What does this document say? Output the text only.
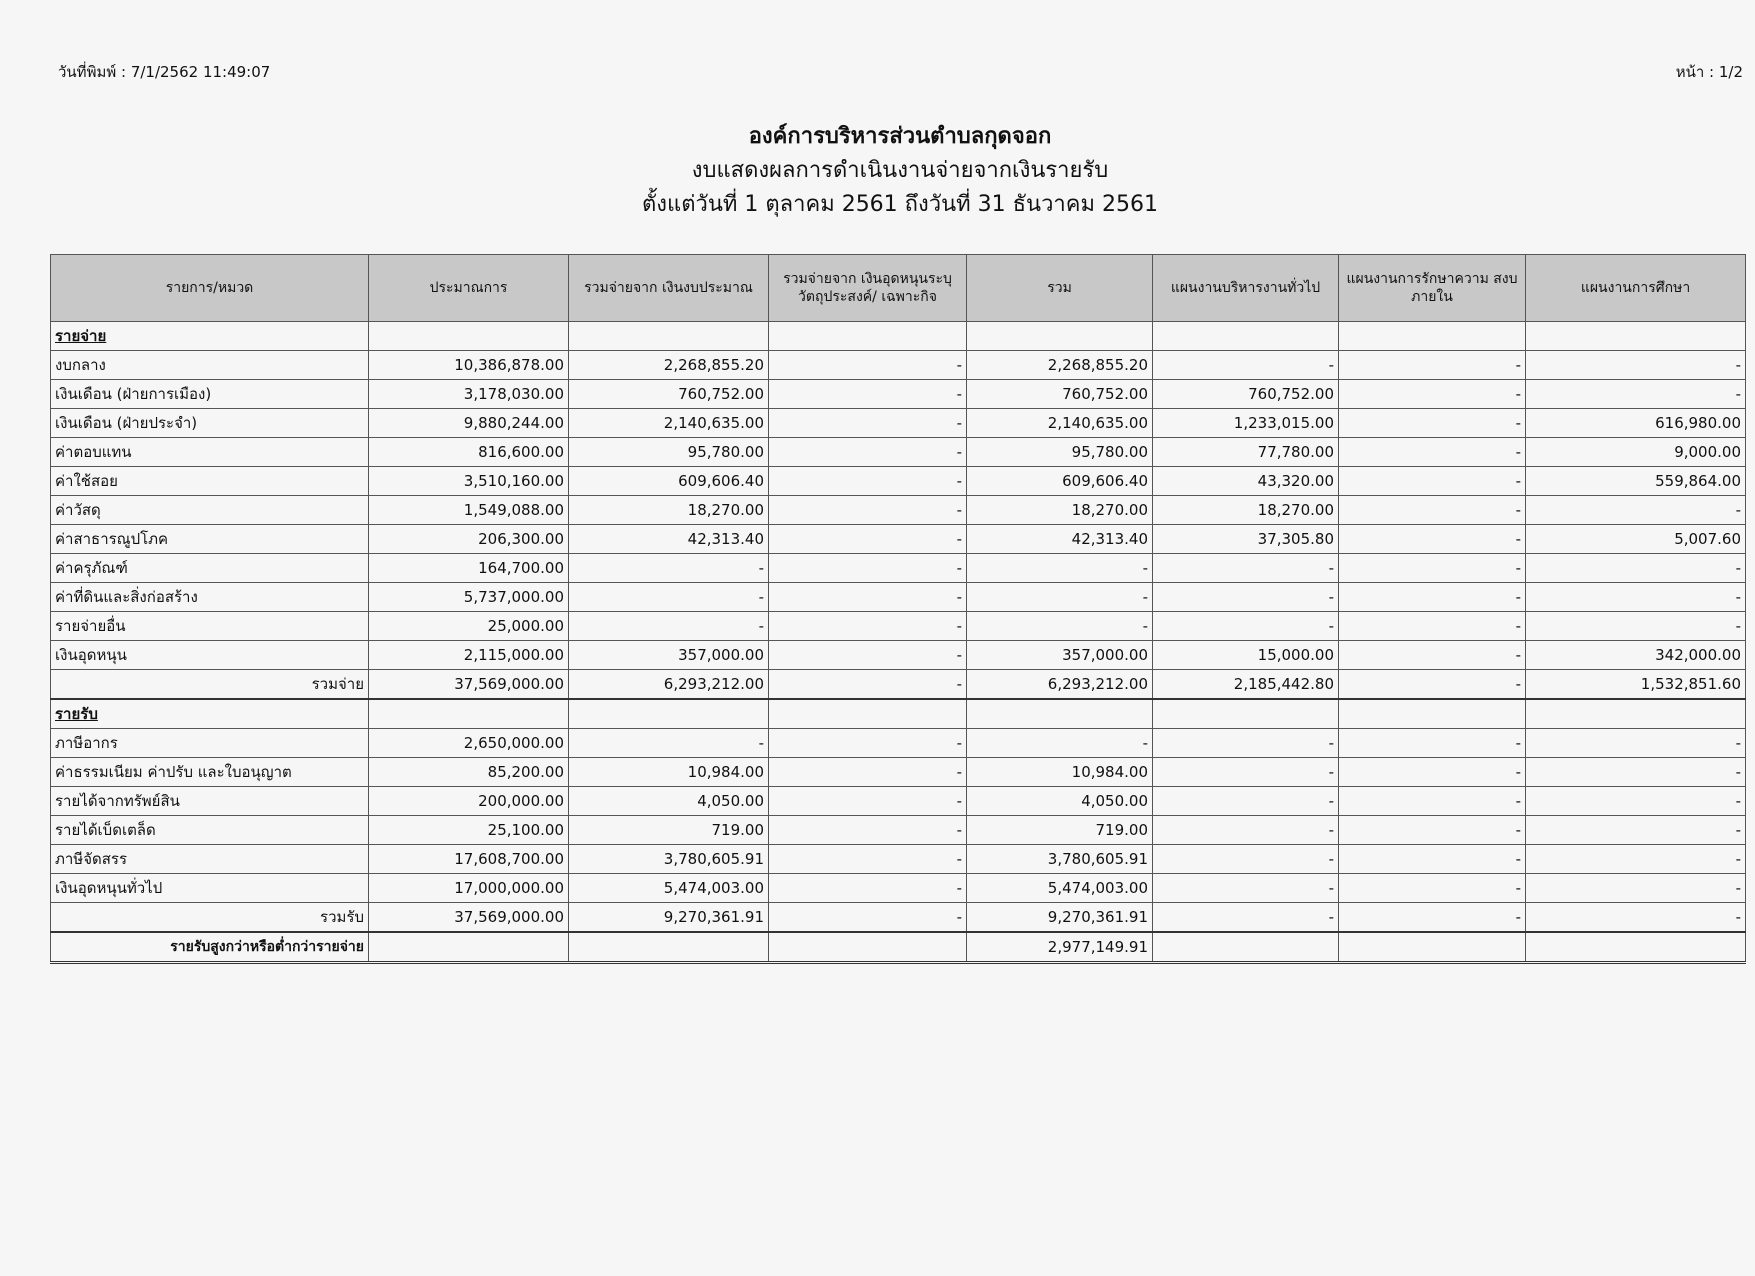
วันที่พิมพ์ : 7/1/2562 11:49:07	หน้า : 1/2
องค์การบริหารส่วนตำบลกุดจอก
งบแสดงผลการดำเนินงานจ่ายจากเงินรายรับ
ตั้งแต่วันที่ 1 ตุลาคม 2561 ถึงวันที่ 31 ธันวาคม 2561
รายการ/หมวด	ประมาณการ	รวมจ่ายจาก เงินงบประมาณ	รวมจ่ายจาก เงินอุดหนุนระบุวัตถุประสงค์/ เฉพาะกิจ	รวม	แผนงานบริหารงานทั่วไป	แผนงานการรักษาความ สงบภายใน	แผนงานการศึกษา
รายจ่าย							
งบกลาง	10,386,878.00	2,268,855.20	-	2,268,855.20	-	-	-
เงินเดือน (ฝ่ายการเมือง)	3,178,030.00	760,752.00	-	760,752.00	760,752.00	-	-
เงินเดือน (ฝ่ายประจำ)	9,880,244.00	2,140,635.00	-	2,140,635.00	1,233,015.00	-	616,980.00
ค่าตอบแทน	816,600.00	95,780.00	-	95,780.00	77,780.00	-	9,000.00
ค่าใช้สอย	3,510,160.00	609,606.40	-	609,606.40	43,320.00	-	559,864.00
ค่าวัสดุ	1,549,088.00	18,270.00	-	18,270.00	18,270.00	-	-
ค่าสาธารณูปโภค	206,300.00	42,313.40	-	42,313.40	37,305.80	-	5,007.60
ค่าครุภัณฑ์	164,700.00	-	-	-	-	-	-
ค่าที่ดินและสิ่งก่อสร้าง	5,737,000.00	-	-	-	-	-	-
รายจ่ายอื่น	25,000.00	-	-	-	-	-	-
เงินอุดหนุน	2,115,000.00	357,000.00	-	357,000.00	15,000.00	-	342,000.00
รวมจ่าย	37,569,000.00	6,293,212.00	-	6,293,212.00	2,185,442.80	-	1,532,851.60
รายรับ							
ภาษีอากร	2,650,000.00	-	-	-	-	-	-
ค่าธรรมเนียม ค่าปรับ และใบอนุญาต	85,200.00	10,984.00	-	10,984.00	-	-	-
รายได้จากทรัพย์สิน	200,000.00	4,050.00	-	4,050.00	-	-	-
รายได้เบ็ดเตล็ด	25,100.00	719.00	-	719.00	-	-	-
ภาษีจัดสรร	17,608,700.00	3,780,605.91	-	3,780,605.91	-	-	-
เงินอุดหนุนทั่วไป	17,000,000.00	5,474,003.00	-	5,474,003.00	-	-	-
รวมรับ	37,569,000.00	9,270,361.91	-	9,270,361.91	-	-	-
รายรับสูงกว่าหรือต่ำกว่ารายจ่าย				2,977,149.91			
